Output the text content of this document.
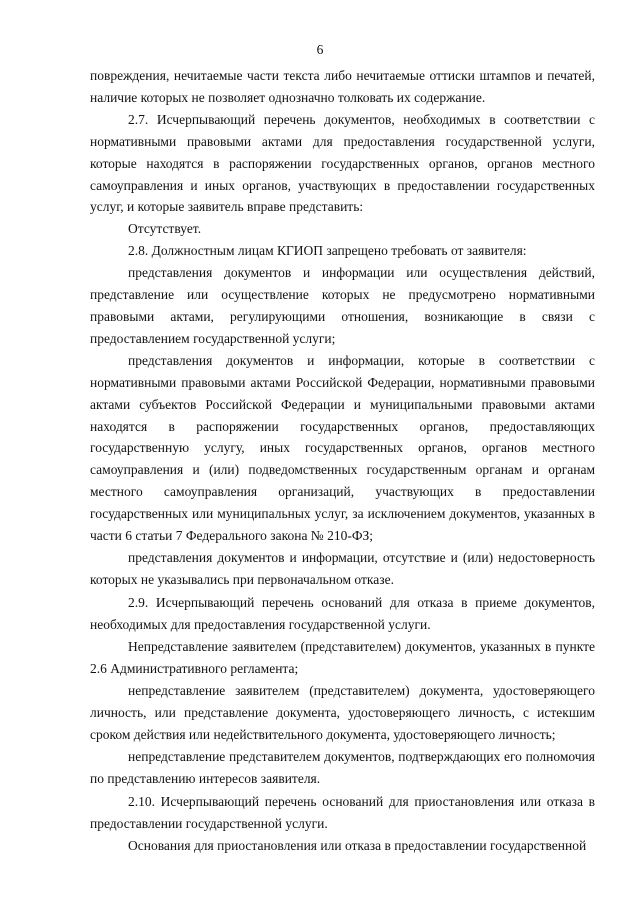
6

повреждения, нечитаемые части текста либо нечитаемые оттиски штампов и печатей, наличие которых не позволяет однозначно толковать их содержание.

2.7. Исчерпывающий перечень документов, необходимых в соответствии с нормативными правовыми актами для предоставления государственной услуги, которые находятся в распоряжении государственных органов, органов местного самоуправления и иных органов, участвующих в предоставлении государственных услуг, и которые заявитель вправе представить:

Отсутствует.

2.8. Должностным лицам КГИОП запрещено требовать от заявителя:

представления документов и информации или осуществления действий, представление или осуществление которых не предусмотрено нормативными правовыми актами, регулирующими отношения, возникающие в связи с предоставлением государственной услуги;

представления документов и информации, которые в соответствии с нормативными правовыми актами Российской Федерации, нормативными правовыми актами субъектов Российской Федерации и муниципальными правовыми актами находятся в распоряжении государственных органов, предоставляющих государственную услугу, иных государственных органов, органов местного самоуправления и (или) подведомственных государственным органам и органам местного самоуправления организаций, участвующих в предоставлении государственных или муниципальных услуг, за исключением документов, указанных в части 6 статьи 7 Федерального закона № 210-ФЗ;

представления документов и информации, отсутствие и (или) недостоверность которых не указывались при первоначальном отказе.

2.9. Исчерпывающий перечень оснований для отказа в приеме документов, необходимых для предоставления государственной услуги.

Непредставление заявителем (представителем) документов, указанных в пункте 2.6 Административного регламента;

непредставление заявителем (представителем) документа, удостоверяющего личность, или представление документа, удостоверяющего личность, с истекшим сроком действия или недействительного документа, удостоверяющего личность;

непредставление представителем документов, подтверждающих его полномочия по представлению интересов заявителя.

2.10. Исчерпывающий перечень оснований для приостановления или отказа в предоставлении государственной услуги.

Основания для приостановления или отказа в предоставлении государственной
